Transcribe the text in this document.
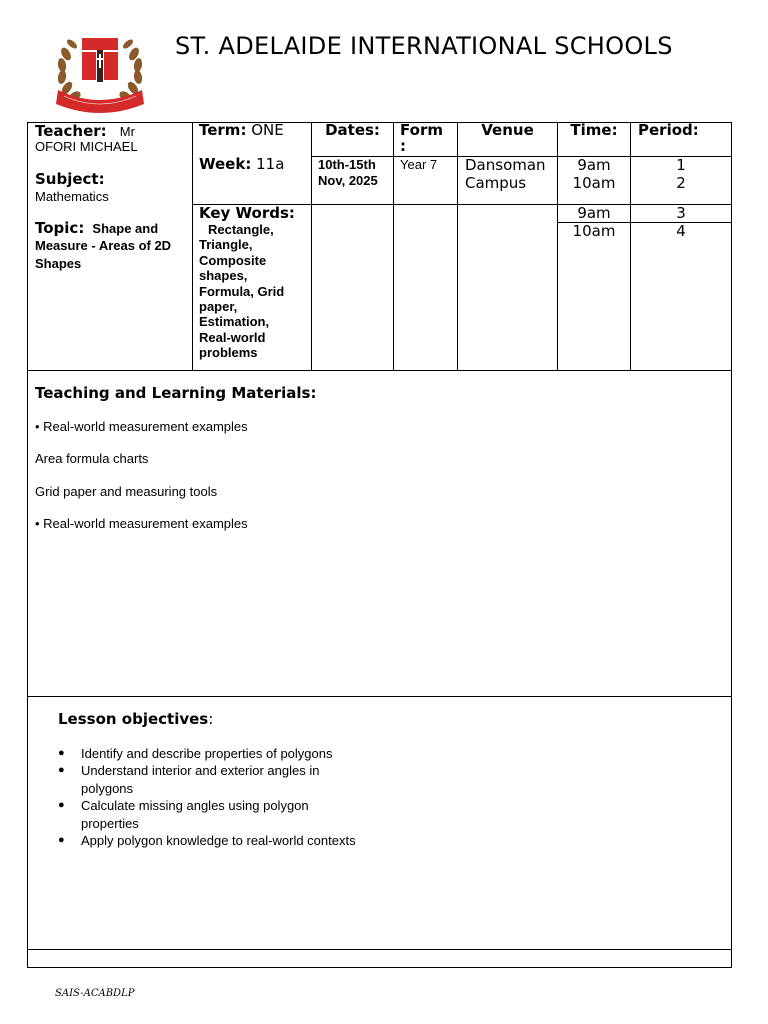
ST. ADELAIDE INTERNATIONAL SCHOOLS
Teacher: Mr
OFORI MICHAEL
Subject:
Mathematics
Topic: Shape and
Measure - Areas of 2D
Shapes
Term: ONE
Week: 11a
Key Words:
Rectangle,
Triangle,
Composite
shapes,
Formula, Grid
paper,
Estimation,
Real-world
problems
Dates:
10th-15th
Nov, 2025
Form
:
Year 7
Venue
Dansoman
Campus
Time:
9am
10am
9am
10am
Period:
1
2
3
4
Teaching and Learning Materials:
• Real-world measurement examples
Area formula charts
Grid paper and measuring tools
• Real-world measurement examples
Lesson objectives:
● Identify and describe properties of polygons
● Understand interior and exterior angles in polygons
● Calculate missing angles using polygon properties
● Apply polygon knowledge to real-world contexts
SAIS-ACABDLP
